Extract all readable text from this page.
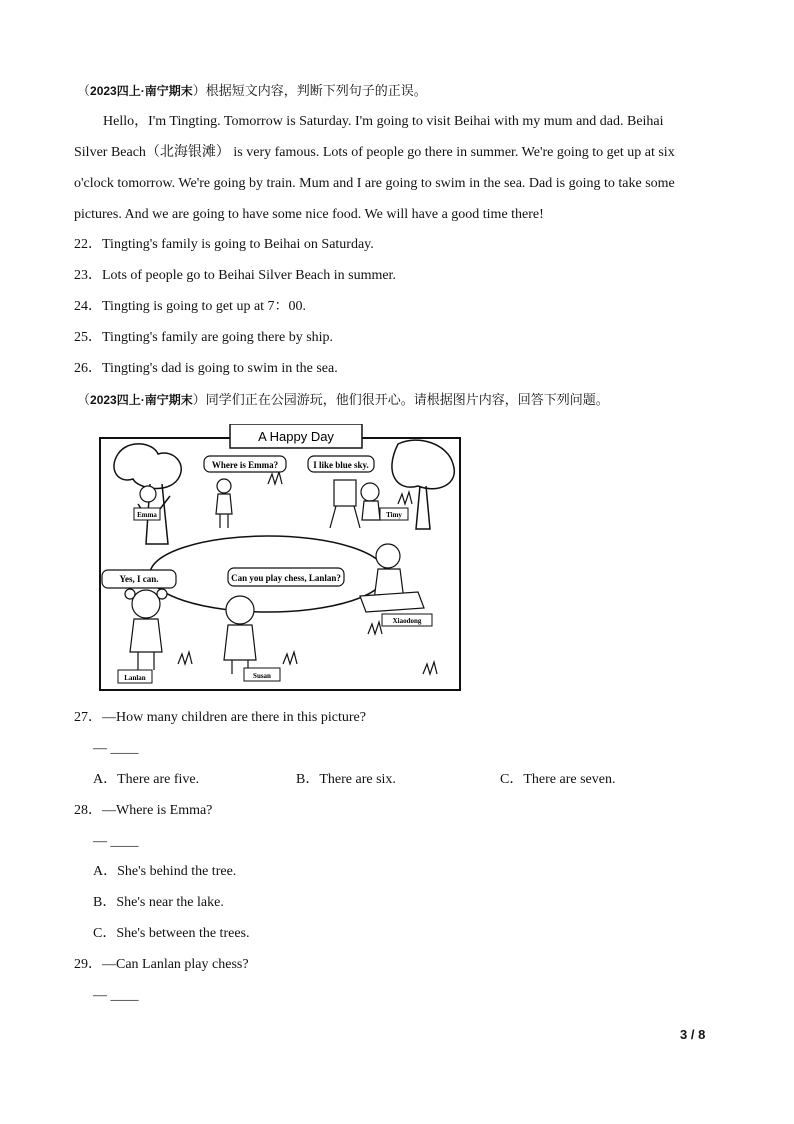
（2023四上·南宁期末）根据短文内容，判断下列句子的正误。
Hello，I'm Tingting. Tomorrow is Saturday. I'm going to visit Beihai with my mum and dad. Beihai
Silver Beach（北海银滩） is very famous. Lots of people go there in summer. We're going to get up at six
o'clock tomorrow. We're going by train. Mum and I are going to swim in the sea. Dad is going to take some
pictures. And we are going to have some nice food. We will have a good time there!
22．Tingting's family is going to Beihai on Saturday.
23．Lots of people go to Beihai Silver Beach in summer.
24．Tingting is going to get up at 7：00.
25．Tingting's family are going there by ship.
26．Tingting's dad is going to swim in the sea.
（2023四上·南宁期末）同学们正在公园游玩，他们很开心。请根据图片内容，回答下列问题。
A Happy Day
Where is Emma?	I like blue sky.
Yes, I can.	Can you play chess, Lanlan?
Emma	Timy
Xiaodong
Lanlan	Susan
27．—How many children are there in this picture?
— ____
A．There are five.	B．There are six.	C．There are seven.
28．—Where is Emma?
— ____
A．She's behind the tree.
B．She's near the lake.
C．She's between the trees.
29．—Can Lanlan play chess?
— ____
3 / 8
